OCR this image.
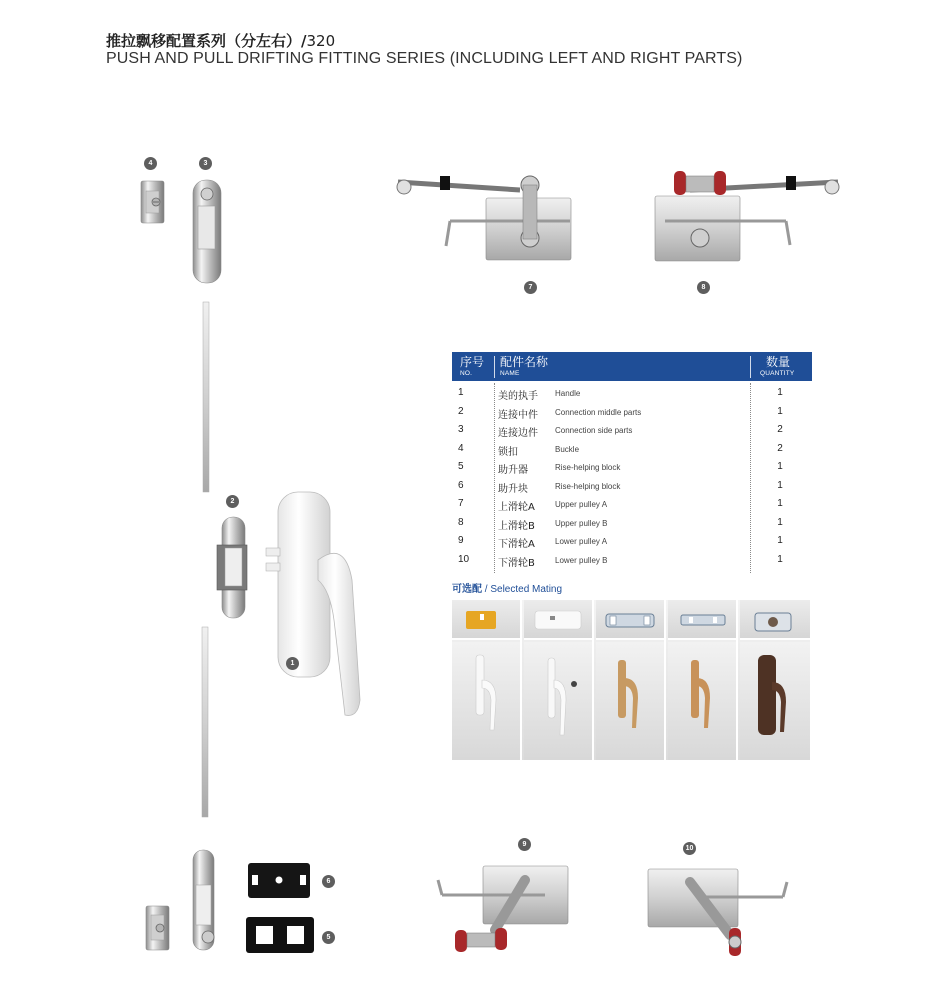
推拉飘移配置系列（分左右）/320
PUSH AND PULL DRIFTING FITTING SERIES (INCLUDING LEFT AND RIGHT PARTS)
4	3
2
1
7	8
6
5
9
10
序号
NO.
配件名称
NAME
数量
QUANTITY
1	美的执手 Handle	1
2	连接中件 Connection middle parts	1
3	连接边件 Connection side parts	2
4	锁扣	Buckle	2
5	助升器	Rise-helping block	1
6	助升块	Rise-helping block	1
7	上滑轮A	Upper pulley A	1
8	上滑轮B	Upper pulley B	1
9	下滑轮A	Lower pulley A	1
10	下滑轮B	Lower pulley B	1
可选配 / Selected Mating
